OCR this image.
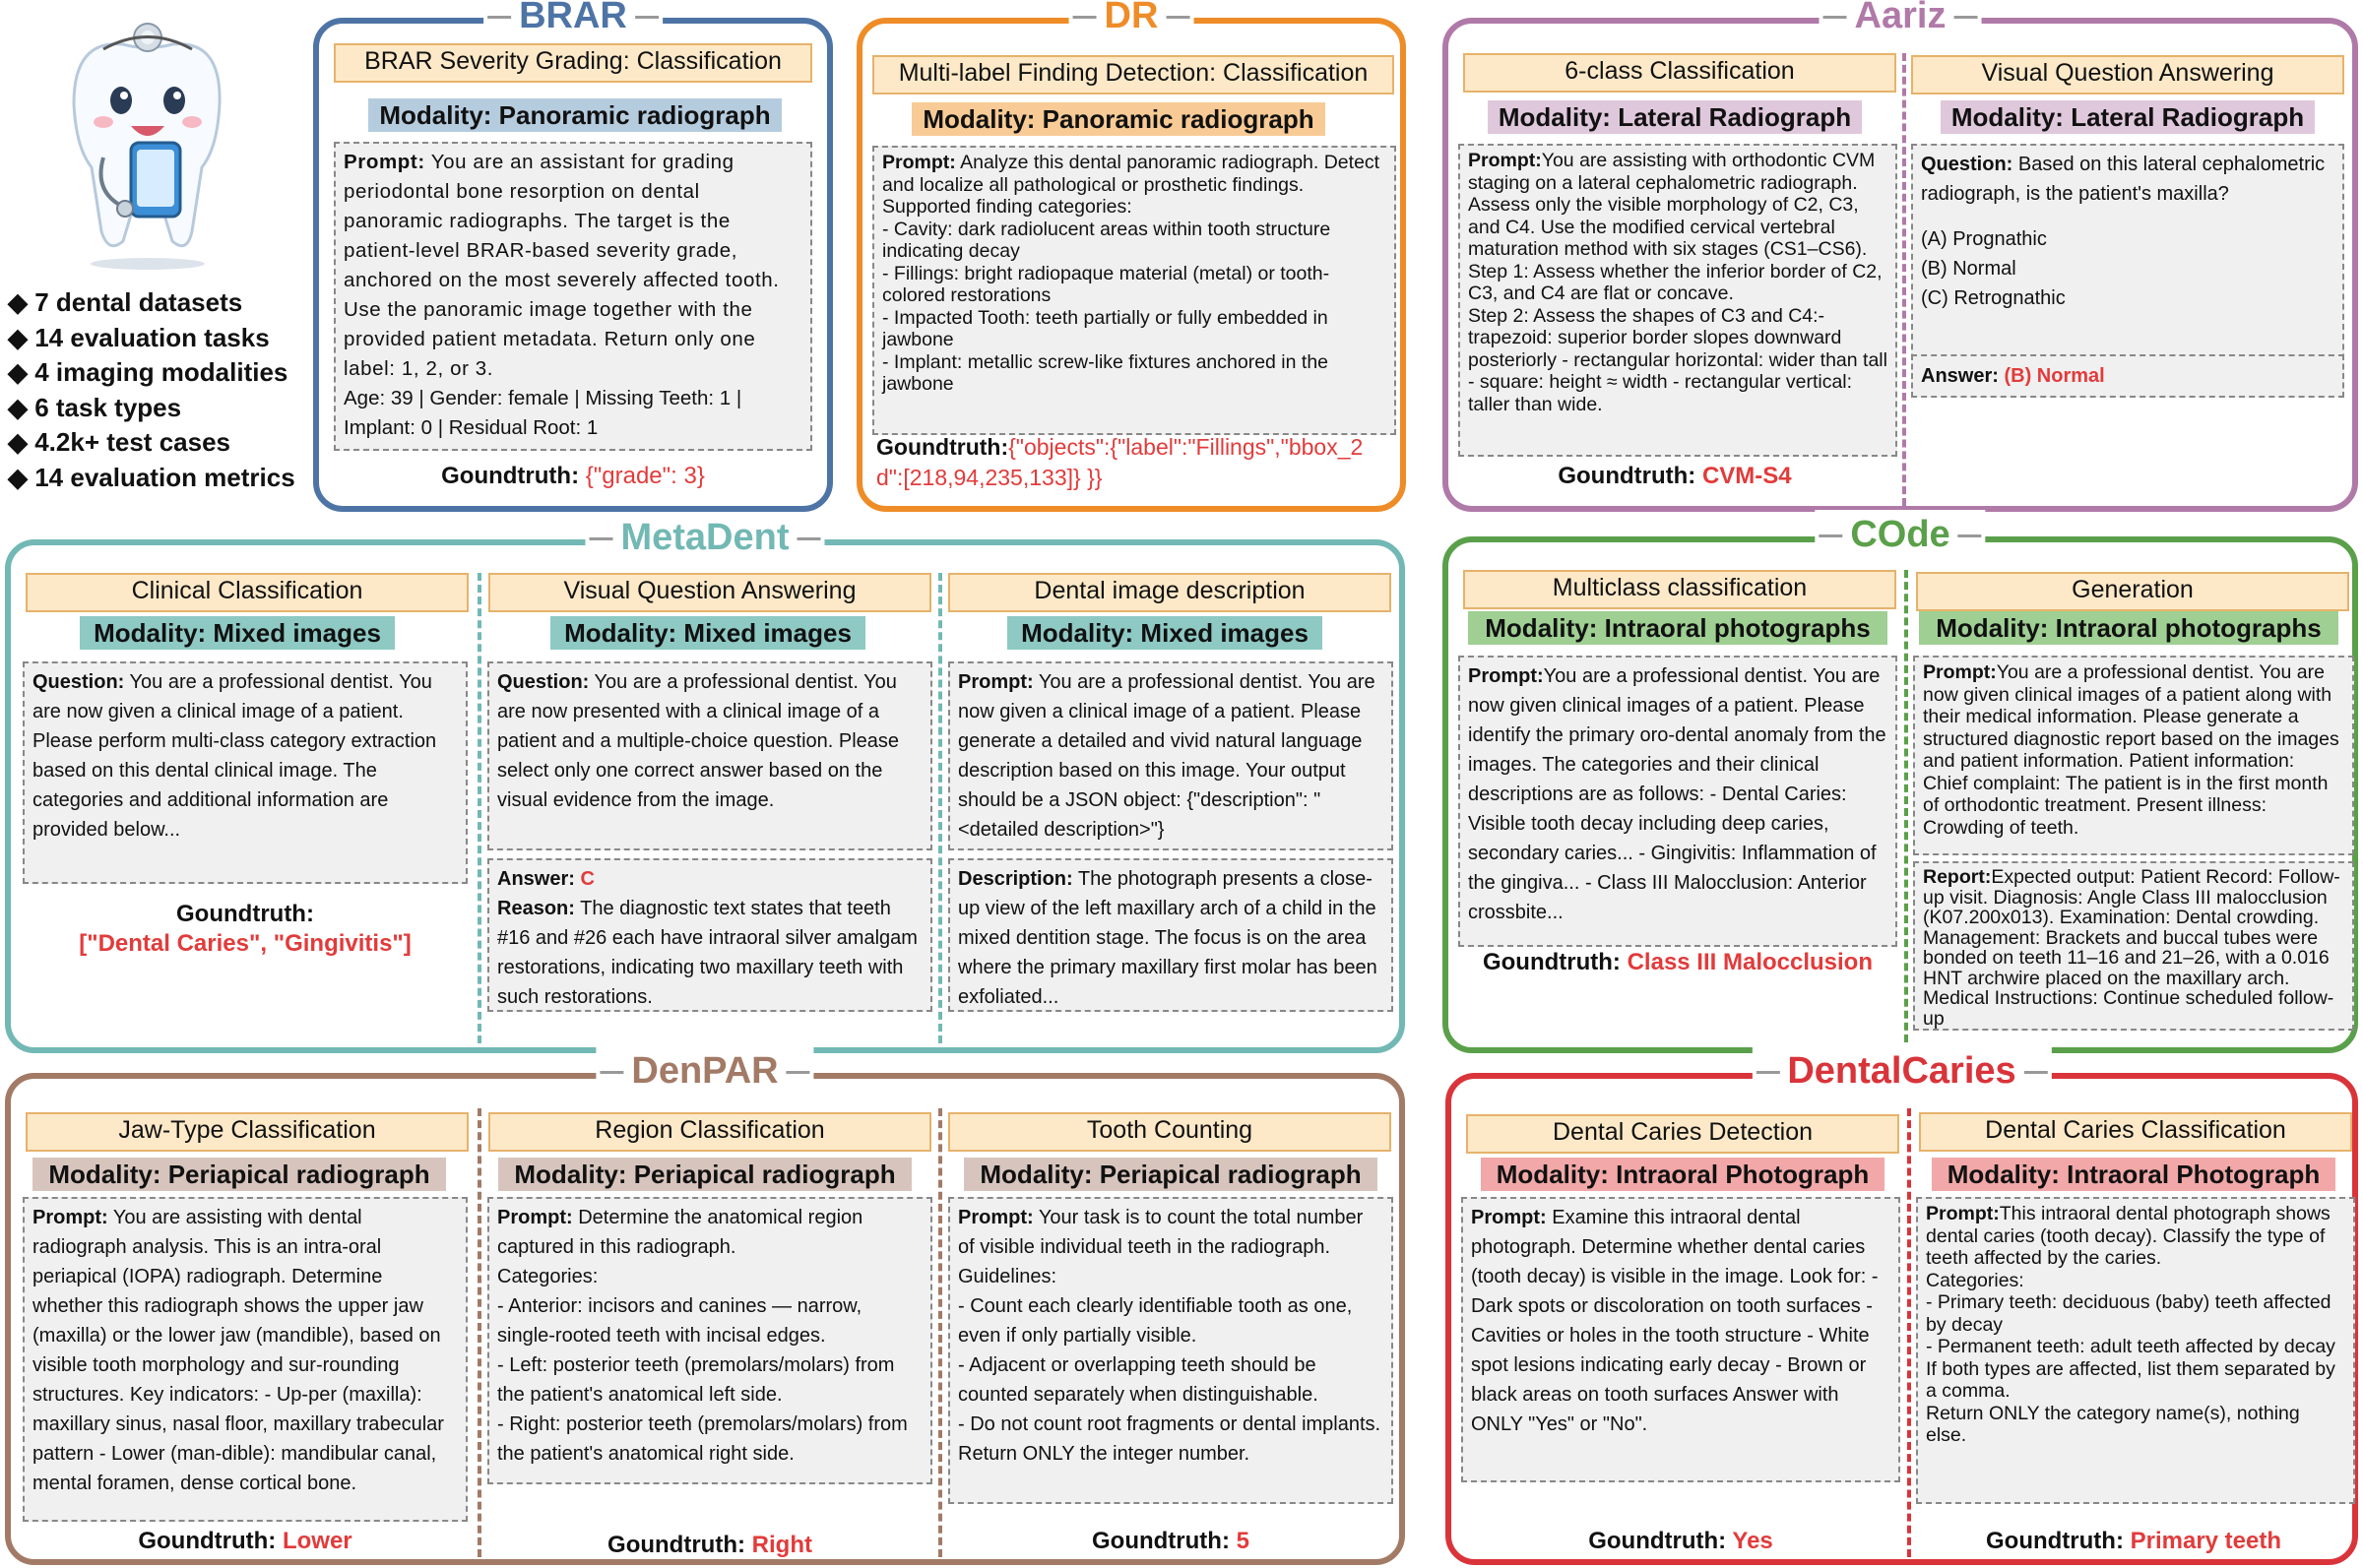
◆ 7 dental datasets
◆ 14 evaluation tasks
◆ 4 imaging modalities
◆ 6 task types
◆ 4.2k+ test cases
◆ 14 evaluation metrics
BRAR
BRAR Severity Grading: Classification
Modality: Panoramic radiograph
Prompt: You are an assistant for grading periodontal bone resorption on dental panoramic radiographs. The target is the patient-level BRAR-based severity grade, anchored on the most severely affected tooth. Use the panoramic image together with the provided patient metadata. Return only one label: 1, 2, or 3.
Age: 39 | Gender: female | Missing Teeth: 1 | Implant: 0 | Residual Root: 1
Goundtruth: {"grade": 3}
DR
Multi-label Finding Detection: Classification
Modality: Panoramic radiograph
Prompt: Analyze this dental panoramic radiograph. Detect and localize all pathological or prosthetic findings.
Supported finding categories:
- Cavity: dark radiolucent areas within tooth structure indicating decay
- Fillings: bright radiopaque material (metal) or tooth-colored restorations
- Impacted Tooth: teeth partially or fully embedded in jawbone
- Implant: metallic screw-like fixtures anchored in the jawbone
Goundtruth:{"objects":{"label":"Fillings","bbox_2d":[218,94,235,133]} }}
Aariz
6-class Classification	Visual Question Answering
Modality: Lateral Radiograph	Modality: Lateral Radiograph
Prompt:You are assisting with orthodontic CVM staging on a lateral cephalometric radiograph. Assess only the visible morphology of C2, C3, and C4. Use the modified cervical vertebral maturation method with six stages (CS1–CS6).
Step 1: Assess whether the inferior border of C2, C3, and C4 are flat or concave.
Step 2: Assess the shapes of C3 and C4:- trapezoid: superior border slopes downward posteriorly - rectangular horizontal: wider than tall - square: height ≈ width - rectangular vertical: taller than wide.
Question: Based on this lateral cephalometric radiograph, is the patient's maxilla?
(A) Prognathic
(B) Normal
(C) Retrognathic
Answer: (B) Normal
Goundtruth: CVM-S4
MetaDent
Clinical Classification	Visual Question Answering	Dental image description
Modality: Mixed images	Modality: Mixed images	Modality: Mixed images
Question: You are a professional dentist. You are now given a clinical image of a patient. Please perform multi-class category extraction based on this dental clinical image. The categories and additional information are provided below...
Goundtruth:
["Dental Caries", "Gingivitis"]
Question: You are a professional dentist. You are now presented with a clinical image of a patient and a multiple-choice question. Please select only one correct answer based on the visual evidence from the image.
Answer: C
Reason: The diagnostic text states that teeth #16 and #26 each have intraoral silver amalgam restorations, indicating two maxillary teeth with such restorations.
Prompt: You are a professional dentist. You are now given a clinical image of a patient. Please generate a detailed and vivid natural language description based on this image. Your output should be a JSON object: {"description": "<detailed description>"}
Description: The photograph presents a close-up view of the left maxillary arch of a child in the mixed dentition stage. The focus is on the area where the primary maxillary first molar has been exfoliated...
COde
Multiclass classification	Generation
Modality: Intraoral photographs	Modality: Intraoral photographs
Prompt:You are a professional dentist. You are now given clinical images of a patient. Please identify the primary oro-dental anomaly from the images. The categories and their clinical descriptions are as follows: - Dental Caries: Visible tooth decay including deep caries, secondary caries... - Gingivitis: Inflammation of the gingiva... - Class III Malocclusion: Anterior crossbite...
Goundtruth: Class III Malocclusion
Prompt:You are a professional dentist. You are now given clinical images of a patient along with their medical information. Please generate a structured diagnostic report based on the images and patient information. Patient information: Chief complaint: The patient is in the first month of orthodontic treatment. Present illness: Crowding of teeth.
Report:Expected output: Patient Record: Follow-up visit. Diagnosis: Angle Class III malocclusion (K07.200x013). Examination: Dental crowding. Management: Brackets and buccal tubes were bonded on teeth 11–16 and 21–26, with a 0.016 HNT archwire placed on the maxillary arch. Medical Instructions: Continue scheduled follow-up
DenPAR
Jaw-Type Classification	Region Classification	Tooth Counting
Modality: Periapical radiograph	Modality: Periapical radiograph	Modality: Periapical radiograph
Prompt: You are assisting with dental radiograph analysis. This is an intra-oral periapical (IOPA) radiograph. Determine whether this radiograph shows the upper jaw (maxilla) or the lower jaw (mandible), based on visible tooth morphology and sur-rounding structures. Key indicators: - Up-per (maxilla): maxillary sinus, nasal floor, maxillary trabecular pattern - Lower (man-dible): mandibular canal, mental foramen, dense cortical bone.
Goundtruth: Lower
Prompt: Determine the anatomical region captured in this radiograph.
Categories:
- Anterior: incisors and canines — narrow, single-rooted teeth with incisal edges.
- Left: posterior teeth (premolars/molars) from the patient's anatomical left side.
- Right: posterior teeth (premolars/molars) from the patient's anatomical right side.
Goundtruth: Right
Prompt: Your task is to count the total number of visible individual teeth in the radiograph.
Guidelines:
- Count each clearly identifiable tooth as one, even if only partially visible.
- Adjacent or overlapping teeth should be counted separately when distinguishable.
- Do not count root fragments or dental implants. Return ONLY the integer number.
Goundtruth: 5
DentalCaries
Dental Caries Detection	Dental Caries Classification
Modality: Intraoral Photograph	Modality: Intraoral Photograph
Prompt: Examine this intraoral dental photograph. Determine whether dental caries (tooth decay) is visible in the image. Look for: - Dark spots or discoloration on tooth surfaces - Cavities or holes in the tooth structure - White spot lesions indicating early decay - Brown or black areas on tooth surfaces Answer with ONLY "Yes" or "No".
Goundtruth: Yes
Prompt:This intraoral dental photograph shows dental caries (tooth decay). Classify the type of teeth affected by the caries.
Categories:
- Primary teeth: deciduous (baby) teeth affected by decay
- Permanent teeth: adult teeth affected by decay
If both types are affected, list them separated by a comma.
Return ONLY the category name(s), nothing else.
Goundtruth: Primary teeth
